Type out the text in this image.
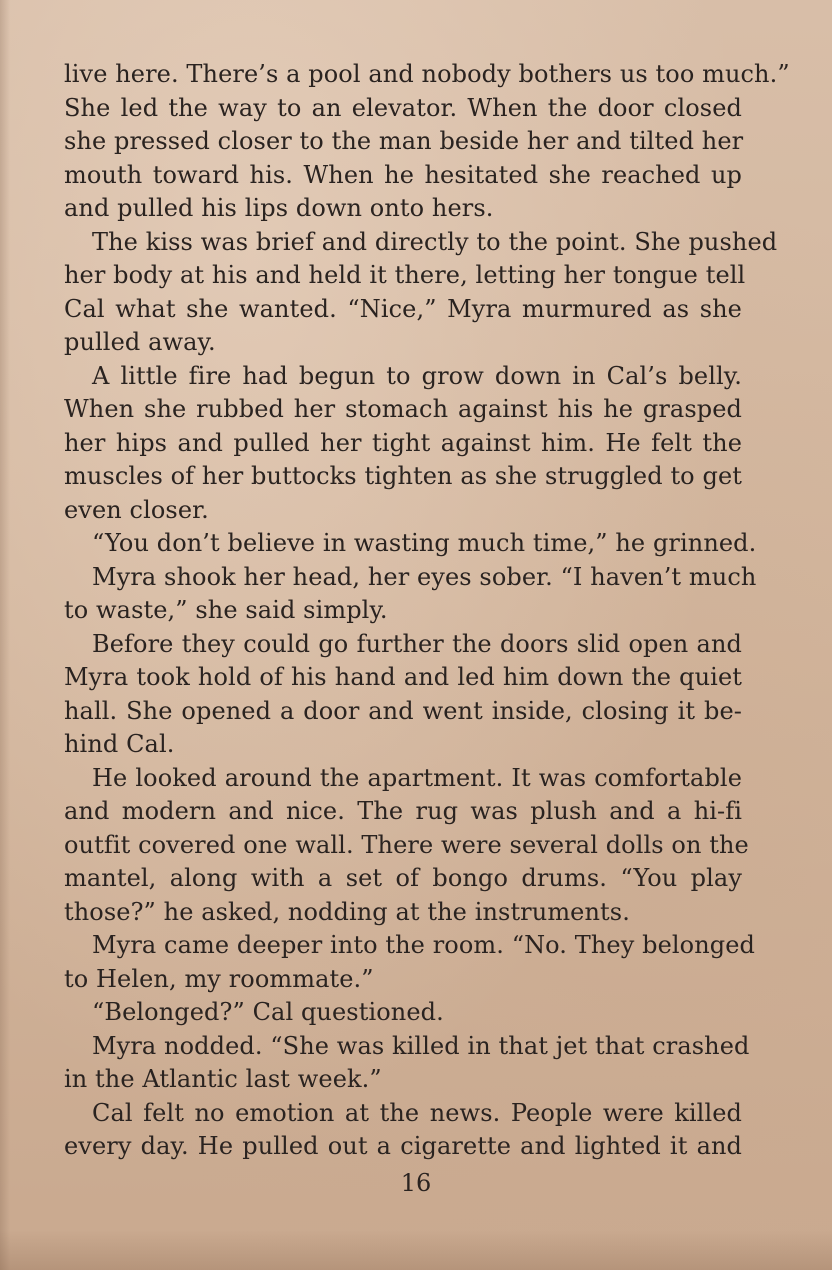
live here. There’s a pool and nobody bothers us too much.”
She led the way to an elevator. When the door closed
she pressed closer to the man beside her and tilted her
mouth toward his. When he hesitated she reached up
and pulled his lips down onto hers.
The kiss was brief and directly to the point. She pushed
her body at his and held it there, letting her tongue tell
Cal what she wanted. “Nice,” Myra murmured as she
pulled away.
A little fire had begun to grow down in Cal’s belly.
When she rubbed her stomach against his he grasped
her hips and pulled her tight against him. He felt the
muscles of her buttocks tighten as she struggled to get
even closer.
“You don’t believe in wasting much time,” he grinned.
Myra shook her head, her eyes sober. “I haven’t much
to waste,” she said simply.
Before they could go further the doors slid open and
Myra took hold of his hand and led him down the quiet
hall. She opened a door and went inside, closing it be-
hind Cal.
He looked around the apartment. It was comfortable
and modern and nice. The rug was plush and a hi-fi
outfit covered one wall. There were several dolls on the
mantel, along with a set of bongo drums. “You play
those?” he asked, nodding at the instruments.
Myra came deeper into the room. “No. They belonged
to Helen, my roommate.”
“Belonged?” Cal questioned.
Myra nodded. “She was killed in that jet that crashed
in the Atlantic last week.”
Cal felt no emotion at the news. People were killed
every day. He pulled out a cigarette and lighted it and
16
